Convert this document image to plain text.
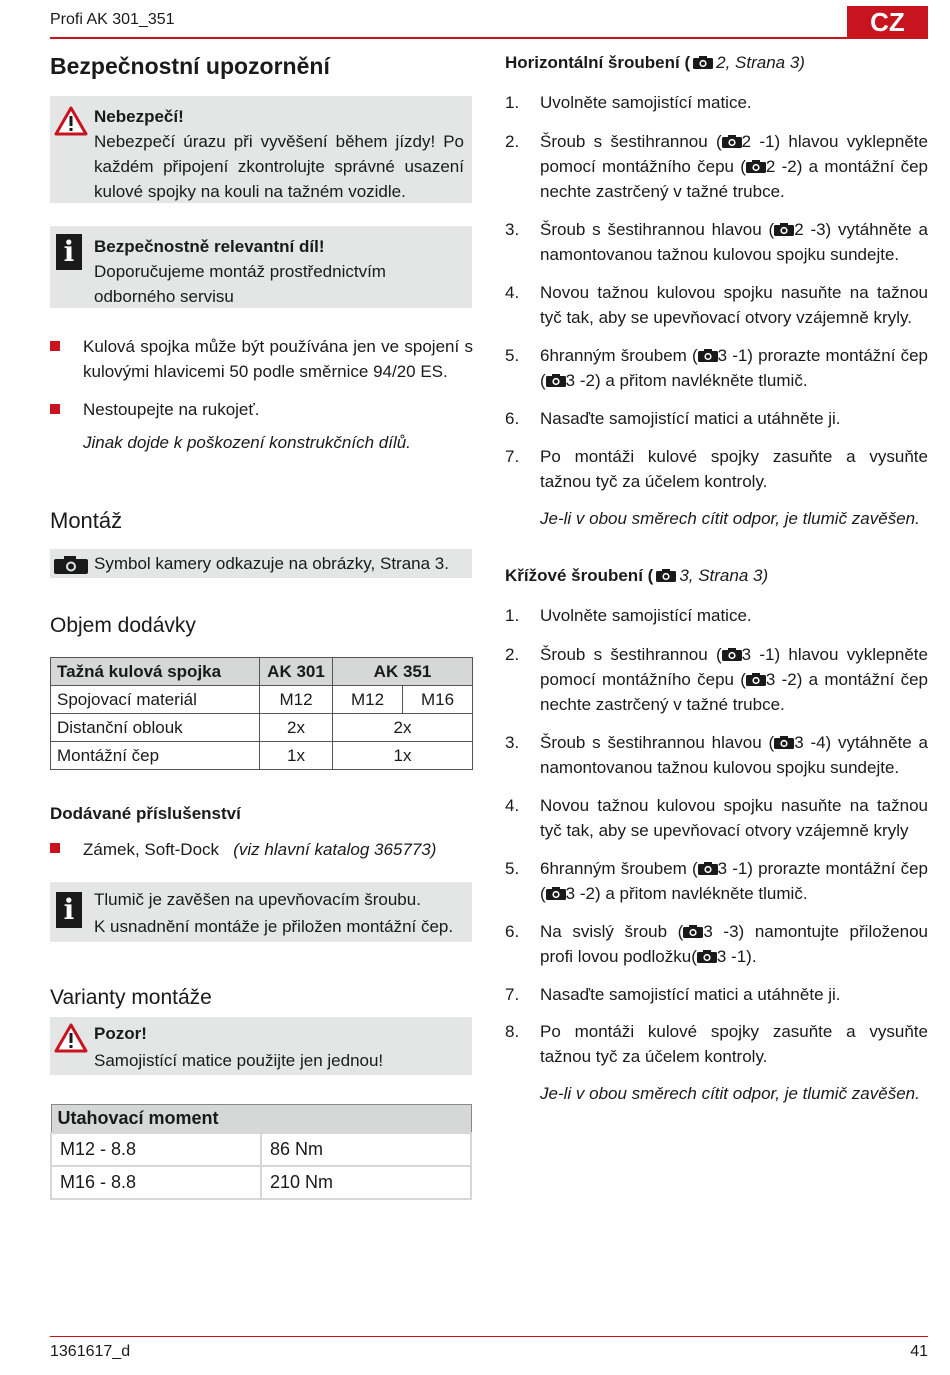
Profi AK 301_351	CZ
Bezpečnostní upozornění
Nebezpečí!
Nebezpečí úrazu při vyvěšení během jízdy! Po každém připojení zkontrolujte správné usazení kulové spojky na kouli na tažném vozidle.
i	Bezpečnostně relevantní díl!
Doporučujeme montáž prostřednictvím odborného servisu
Kulová spojka může být používána jen ve spojení s kulovými hlavicemi 50 podle směrnice 94/20 ES.
Nestoupejte na rukojeť.
Jinak dojde k poškození konstrukčních dílů.
Montáž
Symbol kamery odkazuje na obrázky, Strana 3.
Objem dodávky
Tažná kulová spojka	AK 301	AK 351	
Spojovací materiál	M12	M12	M16
Distanční oblouk	2x	2x	
Montážní čep	1x	1x	
Dodávané příslušenství
Zámek, Soft-Dock (viz hlavní katalog 365773)
i	Tlumič je zavěšen na upevňovacím šroubu.
K usnadnění montáže je přiložen montážní čep.
Varianty montáže
Pozor!
Samojistící matice použijte jen jednou!
Utahovací moment	
M12 - 8.8	86 Nm
M16 - 8.8	210 Nm
Horizontální šroubení ( 2, Strana 3)
1. Uvolněte samojistící matice.
2. Šroub s šestihrannou ( 2 -1) hlavou vyklepněte pomocí montážního čepu ( 2 -2) a montážní čep nechte zastrčený v tažné trubce.
3. Šroub s šestihrannou hlavou ( 2 -3) vytáhněte a namontovanou tažnou kulovou spojku sundejte.
4. Novou tažnou kulovou spojku nasuňte na tažnou tyč tak, aby se upevňovací otvory vzájemně kryly.
5. 6hranným šroubem ( 3 -1) prorazte montážní čep ( 3 -2) a přitom navlékněte tlumič.
6. Nasaďte samojistící matici a utáhněte ji.
7. Po montáži kulové spojky zasuňte a vysuňte tažnou tyč za účelem kontroly.
Je-li v obou směrech cítit odpor, je tlumič zavěšen.
Křížové šroubení ( 3, Strana 3)
1. Uvolněte samojistící matice.
2. Šroub s šestihrannou ( 3 -1) hlavou vyklepněte pomocí montážního čepu ( 3 -2) a montážní čep nechte zastrčený v tažné trubce.
3. Šroub s šestihrannou hlavou ( 3 -4) vytáhněte a namontovanou tažnou kulovou spojku sundejte.
4. Novou tažnou kulovou spojku nasuňte na tažnou tyč tak, aby se upevňovací otvory vzájemně kryly
5. 6hranným šroubem ( 3 -1) prorazte montážní čep ( 3 -2) a přitom navlékněte tlumič.
6. Na svislý šroub ( 3 -3) namontujte přiloženou profi lovou podložku( 3 -1).
7. Nasaďte samojistící matici a utáhněte ji.
8. Po montáži kulové spojky zasuňte a vysuňte tažnou tyč za účelem kontroly.
Je-li v obou směrech cítit odpor, je tlumič zavěšen.
1361617_d	41
